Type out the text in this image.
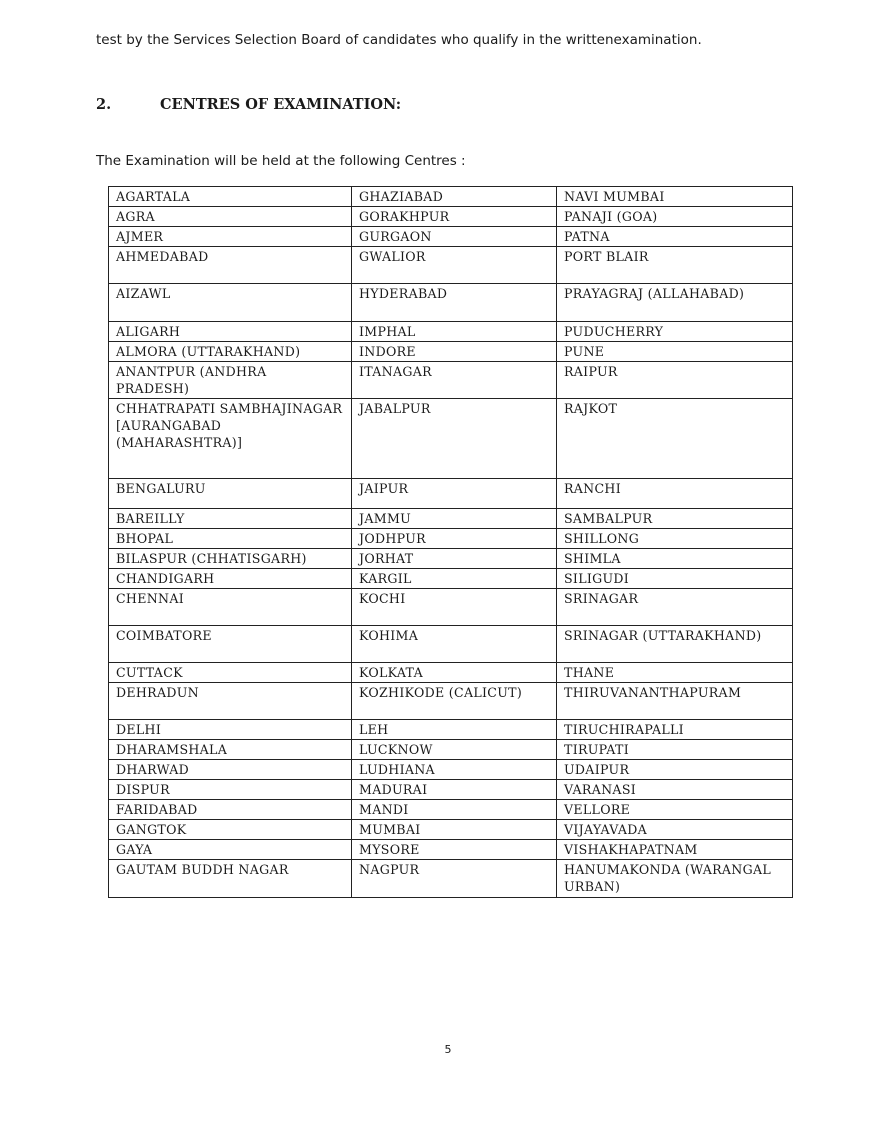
test by the Services Selection Board of candidates who qualify in the writtenexamination.
2.	CENTRES OF EXAMINATION:
The Examination will be held at the following Centres :
AGARTALA	GHAZIABAD	NAVI MUMBAI
AGRA	GORAKHPUR	PANAJI (GOA)
AJMER	GURGAON	PATNA
AHMEDABAD	GWALIOR	PORT BLAIR
AIZAWL	HYDERABAD	PRAYAGRAJ (ALLAHABAD)
ALIGARH	IMPHAL	PUDUCHERRY
ALMORA (UTTARAKHAND)	INDORE	PUNE
ANANTPUR (ANDHRA PRADESH)	ITANAGAR	RAIPUR
CHHATRAPATI SAMBHAJINAGAR [AURANGABAD (MAHARASHTRA)]	JABALPUR	RAJKOT
BENGALURU	JAIPUR	RANCHI
BAREILLY	JAMMU	SAMBALPUR
BHOPAL	JODHPUR	SHILLONG
BILASPUR (CHHATISGARH)	JORHAT	SHIMLA
CHANDIGARH	KARGIL	SILIGUDI
CHENNAI	KOCHI	SRINAGAR
COIMBATORE	KOHIMA	SRINAGAR (UTTARAKHAND)
CUTTACK	KOLKATA	THANE
DEHRADUN	KOZHIKODE (CALICUT)	THIRUVANANTHAPURAM
DELHI	LEH	TIRUCHIRAPALLI
DHARAMSHALA	LUCKNOW	TIRUPATI
DHARWAD	LUDHIANA	UDAIPUR
DISPUR	MADURAI	VARANASI
FARIDABAD	MANDI	VELLORE
GANGTOK	MUMBAI	VIJAYAVADA
GAYA	MYSORE	VISHAKHAPATNAM
GAUTAM BUDDH NAGAR	NAGPUR	HANUMAKONDA (WARANGAL URBAN)
5
